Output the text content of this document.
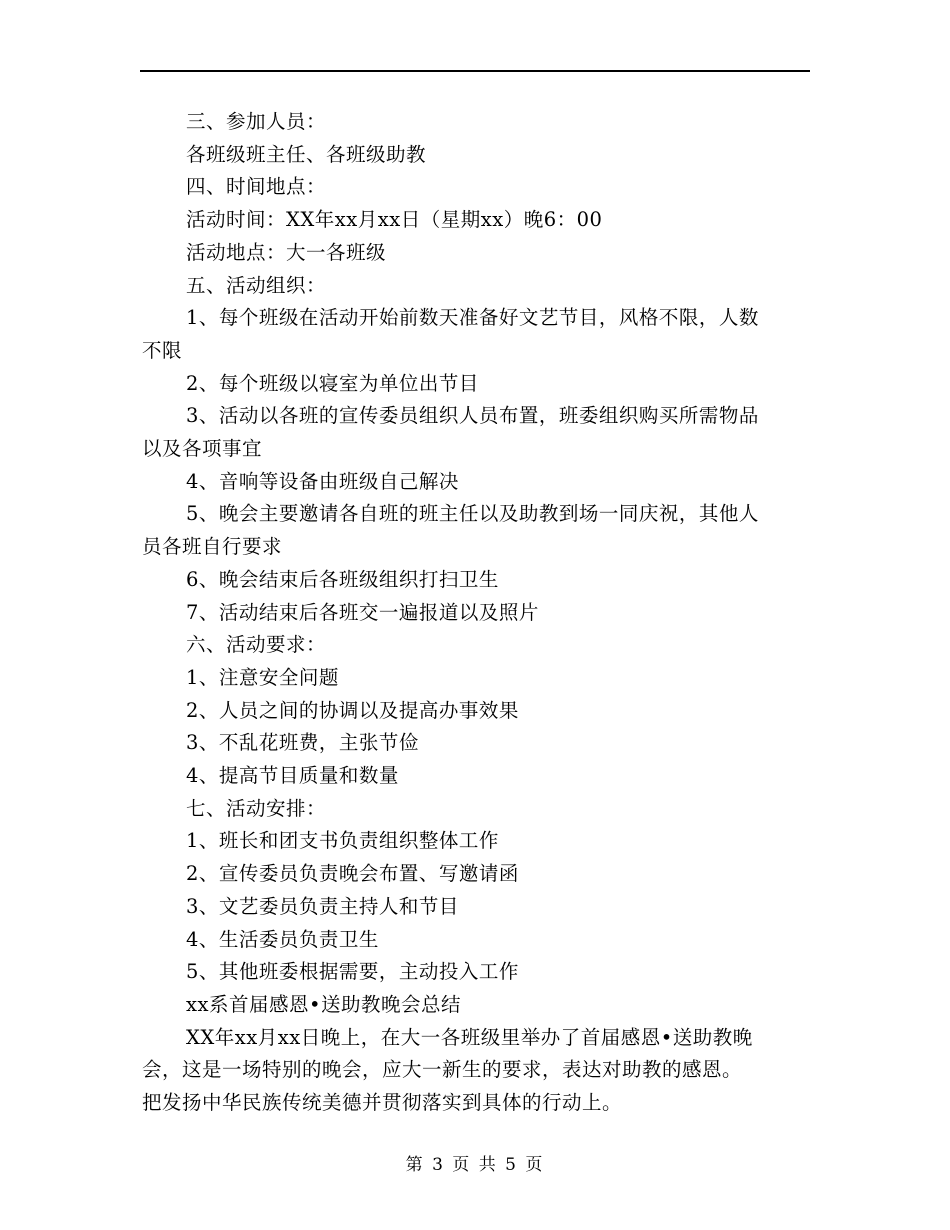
三、参加人员：
各班级班主任、各班级助教
四、时间地点：
活动时间：XX年xx月xx日（星期xx）晚6：00
活动地点：大一各班级
五、活动组织：
1、每个班级在活动开始前数天准备好文艺节目，风格不限，人数
不限
2、每个班级以寝室为单位出节目
3、活动以各班的宣传委员组织人员布置，班委组织购买所需物品
以及各项事宜
4、音响等设备由班级自己解决
5、晚会主要邀请各自班的班主任以及助教到场一同庆祝，其他人
员各班自行要求
6、晚会结束后各班级组织打扫卫生
7、活动结束后各班交一遍报道以及照片
六、活动要求：
1、注意安全问题
2、人员之间的协调以及提高办事效果
3、不乱花班费，主张节俭
4、提高节目质量和数量
七、活动安排：
1、班长和团支书负责组织整体工作
2、宣传委员负责晚会布置、写邀请函
3、文艺委员负责主持人和节目
4、生活委员负责卫生
5、其他班委根据需要，主动投入工作
xx系首届感恩•送助教晚会总结
XX年xx月xx日晚上，在大一各班级里举办了首届感恩•送助教晚
会，这是一场特别的晚会，应大一新生的要求，表达对助教的感恩。
把发扬中华民族传统美德并贯彻落实到具体的行动上。
第 3 页 共 5 页
